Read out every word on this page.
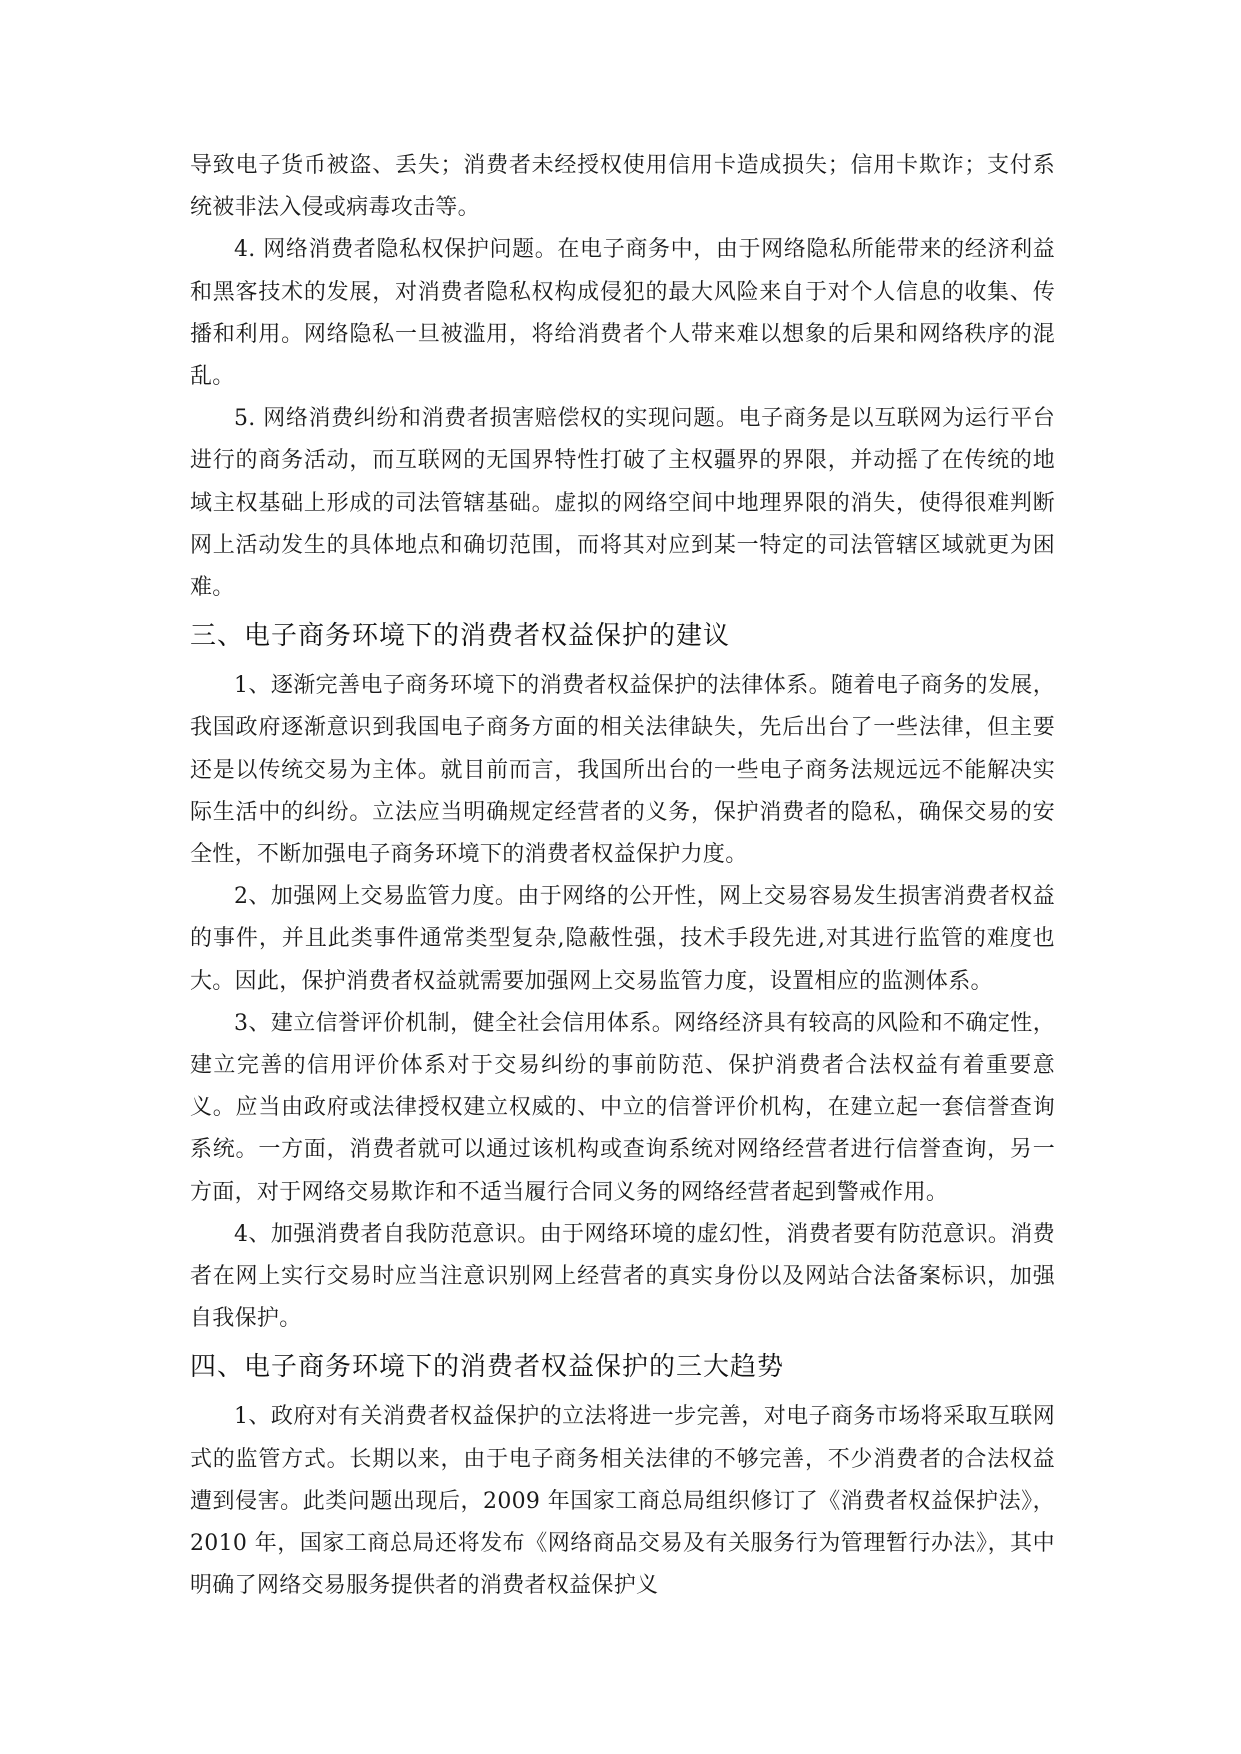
导致电子货币被盗、丢失；消费者未经授权使用信用卡造成损失；信用卡欺诈；支付系统被非法入侵或病毒攻击等。

4. 网络消费者隐私权保护问题。在电子商务中，由于网络隐私所能带来的经济利益和黑客技术的发展，对消费者隐私权构成侵犯的最大风险来自于对个人信息的收集、传播和利用。网络隐私一旦被滥用，将给消费者个人带来难以想象的后果和网络秩序的混乱。

5. 网络消费纠纷和消费者损害赔偿权的实现问题。电子商务是以互联网为运行平台进行的商务活动，而互联网的无国界特性打破了主权疆界的界限，并动摇了在传统的地域主权基础上形成的司法管辖基础。虚拟的网络空间中地理界限的消失，使得很难判断网上活动发生的具体地点和确切范围，而将其对应到某一特定的司法管辖区域就更为困难。

三、电子商务环境下的消费者权益保护的建议

1、逐渐完善电子商务环境下的消费者权益保护的法律体系。随着电子商务的发展，我国政府逐渐意识到我国电子商务方面的相关法律缺失，先后出台了一些法律，但主要还是以传统交易为主体。就目前而言，我国所出台的一些电子商务法规远远不能解决实际生活中的纠纷。立法应当明确规定经营者的义务，保护消费者的隐私，确保交易的安全性，不断加强电子商务环境下的消费者权益保护力度。

2、加强网上交易监管力度。由于网络的公开性，网上交易容易发生损害消费者权益的事件，并且此类事件通常类型复杂,隐蔽性强，技术手段先进,对其进行监管的难度也大。因此，保护消费者权益就需要加强网上交易监管力度，设置相应的监测体系。

3、建立信誉评价机制，健全社会信用体系。网络经济具有较高的风险和不确定性，建立完善的信用评价体系对于交易纠纷的事前防范、保护消费者合法权益有着重要意义。应当由政府或法律授权建立权威的、中立的信誉评价机构，在建立起一套信誉查询系统。一方面，消费者就可以通过该机构或查询系统对网络经营者进行信誉查询，另一方面，对于网络交易欺诈和不适当履行合同义务的网络经营者起到警戒作用。

4、加强消费者自我防范意识。由于网络环境的虚幻性，消费者要有防范意识。消费者在网上实行交易时应当注意识别网上经营者的真实身份以及网站合法备案标识，加强自我保护。

四、电子商务环境下的消费者权益保护的三大趋势

1、政府对有关消费者权益保护的立法将进一步完善，对电子商务市场将采取互联网式的监管方式。长期以来，由于电子商务相关法律的不够完善，不少消费者的合法权益遭到侵害。此类问题出现后，2009 年国家工商总局组织修订了《消费者权益保护法》，2010 年，国家工商总局还将发布《网络商品交易及有关服务行为管理暂行办法》，其中明确了网络交易服务提供者的消费者权益保护义
